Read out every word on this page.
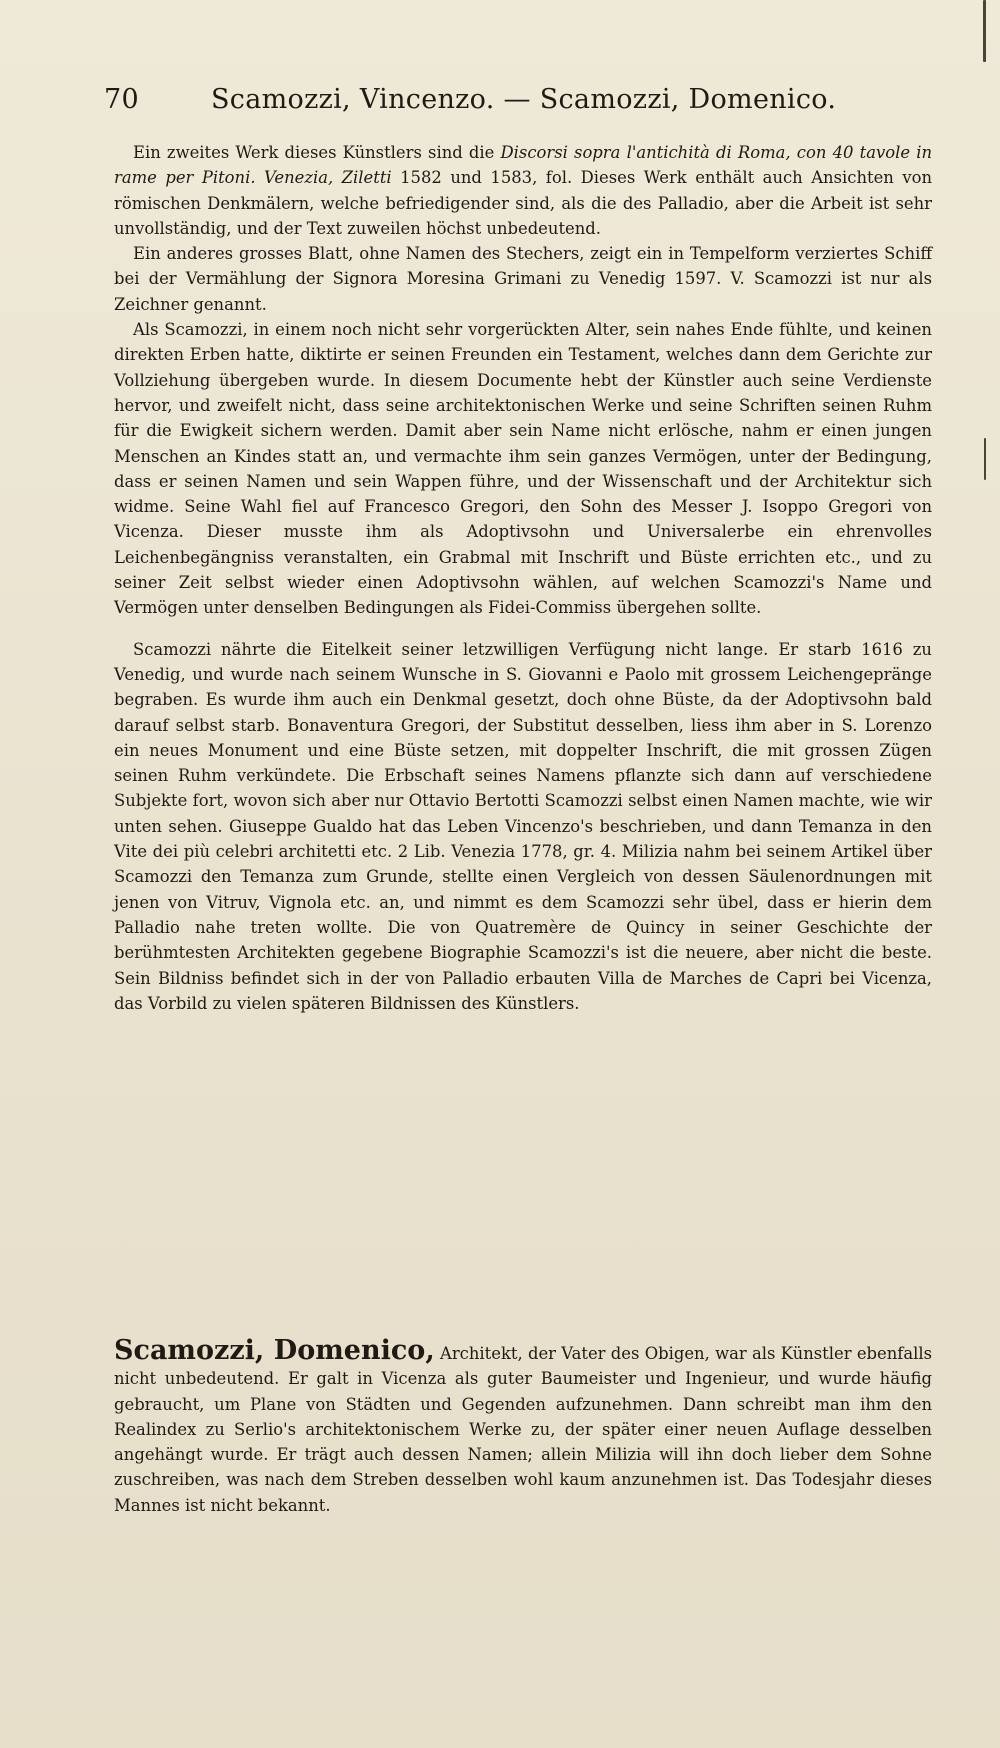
70	Scamozzi, Vincenzo. — Scamozzi, Domenico.

Ein zweites Werk dieses Künstlers sind die Discorsi sopra l'antichità di Roma, con 40 tavole in rame per Pitoni. Venezia, Ziletti 1582 und 1583, fol. Dieses Werk enthält auch Ansichten von römischen Denkmälern, welche befriedigender sind, als die des Palladio, aber die Arbeit ist sehr unvollständig, und der Text zuweilen höchst unbedeutend.

Ein anderes grosses Blatt, ohne Namen des Stechers, zeigt ein in Tempelform verziertes Schiff bei der Vermählung der Signora Moresina Grimani zu Venedig 1597. V. Scamozzi ist nur als Zeichner genannt.

Als Scamozzi, in einem noch nicht sehr vorgerückten Alter, sein nahes Ende fühlte, und keinen direkten Erben hatte, diktirte er seinen Freunden ein Testament, welches dann dem Gerichte zur Vollziehung übergeben wurde. In diesem Documente hebt der Künstler auch seine Verdienste hervor, und zweifelt nicht, dass seine architektonischen Werke und seine Schriften seinen Ruhm für die Ewigkeit sichern werden. Damit aber sein Name nicht erlösche, nahm er einen jungen Menschen an Kindes statt an, und vermachte ihm sein ganzes Vermögen, unter der Bedingung, dass er seinen Namen und sein Wappen führe, und der Wissenschaft und der Architektur sich widme. Seine Wahl fiel auf Francesco Gregori, den Sohn des Messer J. Isoppo Gregori von Vicenza. Dieser musste ihm als Adoptivsohn und Universalerbe ein ehrenvolles Leichenbegängniss veranstalten, ein Grabmal mit Inschrift und Büste errichten etc., und zu seiner Zeit selbst wieder einen Adoptivsohn wählen, auf welchen Scamozzi's Name und Vermögen unter denselben Bedingungen als Fidei-Commiss übergehen sollte.

Scamozzi nährte die Eitelkeit seiner letzwilligen Verfügung nicht lange. Er starb 1616 zu Venedig, und wurde nach seinem Wunsche in S. Giovanni e Paolo mit grossem Leichengepränge begraben. Es wurde ihm auch ein Denkmal gesetzt, doch ohne Büste, da der Adoptivsohn bald darauf selbst starb. Bonaventura Gregori, der Substitut desselben, liess ihm aber in S. Lorenzo ein neues Monument und eine Büste setzen, mit doppelter Inschrift, die mit grossen Zügen seinen Ruhm verkündete. Die Erbschaft seines Namens pflanzte sich dann auf verschiedene Subjekte fort, wovon sich aber nur Ottavio Bertotti Scamozzi selbst einen Namen machte, wie wir unten sehen. Giuseppe Gualdo hat das Leben Vincenzo's beschrieben, und dann Temanza in den Vite dei più celebri architetti etc. 2 Lib. Venezia 1778, gr. 4. Milizia nahm bei seinem Artikel über Scamozzi den Temanza zum Grunde, stellte einen Vergleich von dessen Säulenordnungen mit jenen von Vitruv, Vignola etc. an, und nimmt es dem Scamozzi sehr übel, dass er hierin dem Palladio nahe treten wollte. Die von Quatremère de Quincy in seiner Geschichte der berühmtesten Architekten gegebene Biographie Scamozzi's ist die neuere, aber nicht die beste. Sein Bildniss befindet sich in der von Palladio erbauten Villa de Marches de Capri bei Vicenza, das Vorbild zu vielen späteren Bildnissen des Künstlers.

Scamozzi, Domenico, Architekt, der Vater des Obigen, war als Künstler ebenfalls nicht unbedeutend. Er galt in Vicenza als guter Baumeister und Ingenieur, und wurde häufig gebraucht, um Plane von Städten und Gegenden aufzunehmen. Dann schreibt man ihm den Realindex zu Serlio's architektonischem Werke zu, der später einer neuen Auflage desselben angehängt wurde. Er trägt auch dessen Namen; allein Milizia will ihn doch lieber dem Sohne zuschreiben, was nach dem Streben desselben wohl kaum anzunehmen ist. Das Todesjahr dieses Mannes ist nicht bekannt.
